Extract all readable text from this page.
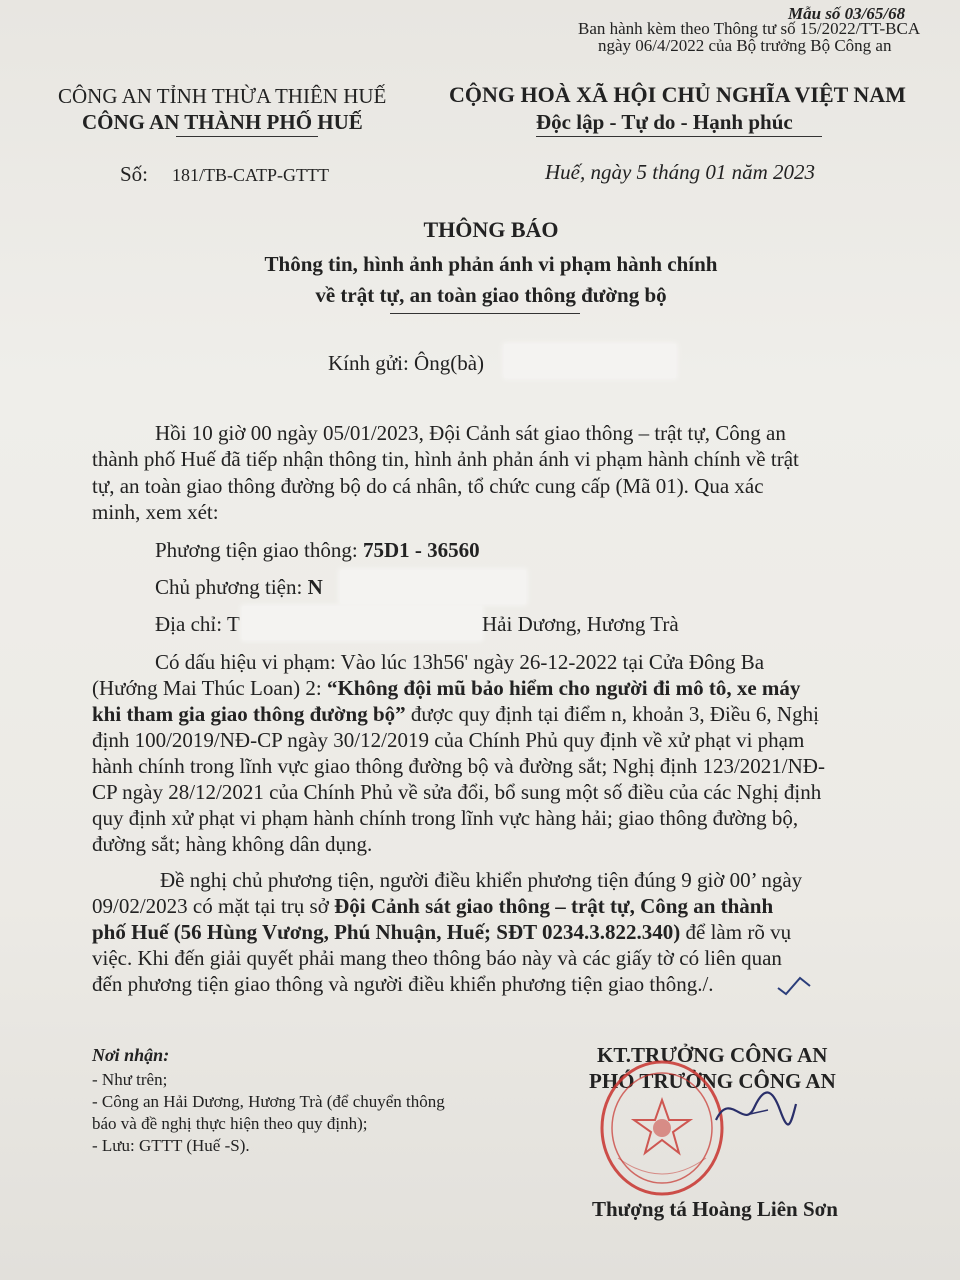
Mẫu số 03/65/68
Ban hành kèm theo Thông tư số 15/2022/TT-BCA
ngày 06/4/2022 của Bộ trưởng Bộ Công an
CÔNG AN TỈNH THỪA THIÊN HUẾ
CÔNG AN THÀNH PHỐ HUẾ
CỘNG HOÀ XÃ HỘI CHỦ NGHĨA VIỆT NAM
Độc lập - Tự do - Hạnh phúc
Số: 181/TB-CATP-GTTT	Huế, ngày 5 tháng 01 năm 2023
THÔNG BÁO
Thông tin, hình ảnh phản ánh vi phạm hành chính
về trật tự, an toàn giao thông đường bộ
Kính gửi: Ông(bà)
Hồi 10 giờ 00 ngày 05/01/2023, Đội Cảnh sát giao thông – trật tự, Công an
thành phố Huế đã tiếp nhận thông tin, hình ảnh phản ánh vi phạm hành chính về trật
tự, an toàn giao thông đường bộ do cá nhân, tổ chức cung cấp (Mã 01). Qua xác
minh, xem xét:
Phương tiện giao thông: 75D1 - 36560
Chủ phương tiện: N
Địa chỉ: T	Hải Dương, Hương Trà
Có dấu hiệu vi phạm: Vào lúc 13h56' ngày 26-12-2022 tại Cửa Đông Ba
(Hướng Mai Thúc Loan) 2: “Không đội mũ bảo hiểm cho người đi mô tô, xe máy
khi tham gia giao thông đường bộ” được quy định tại điểm n, khoản 3, Điều 6, Nghị
định 100/2019/NĐ-CP ngày 30/12/2019 của Chính Phủ quy định về xử phạt vi phạm
hành chính trong lĩnh vực giao thông đường bộ và đường sắt; Nghị định 123/2021/NĐ-
CP ngày 28/12/2021 của Chính Phủ về sửa đổi, bổ sung một số điều của các Nghị định
quy định xử phạt vi phạm hành chính trong lĩnh vực hàng hải; giao thông đường bộ,
đường sắt; hàng không dân dụng.
Đề nghị chủ phương tiện, người điều khiển phương tiện đúng 9 giờ 00’ ngày
09/02/2023 có mặt tại trụ sở Đội Cảnh sát giao thông – trật tự, Công an thành
phố Huế (56 Hùng Vương, Phú Nhuận, Huế; SĐT 0234.3.822.340) để làm rõ vụ
việc. Khi đến giải quyết phải mang theo thông báo này và các giấy tờ có liên quan
đến phương tiện giao thông và người điều khiển phương tiện giao thông./.
Nơi nhận:
- Như trên;
- Công an Hải Dương, Hương Trà (để chuyển thông
báo và đề nghị thực hiện theo quy định);
- Lưu: GTTT (Huế -S).
KT.TRƯỞNG CÔNG AN
PHÓ TRƯỞNG CÔNG AN
Thượng tá Hoàng Liên Sơn
